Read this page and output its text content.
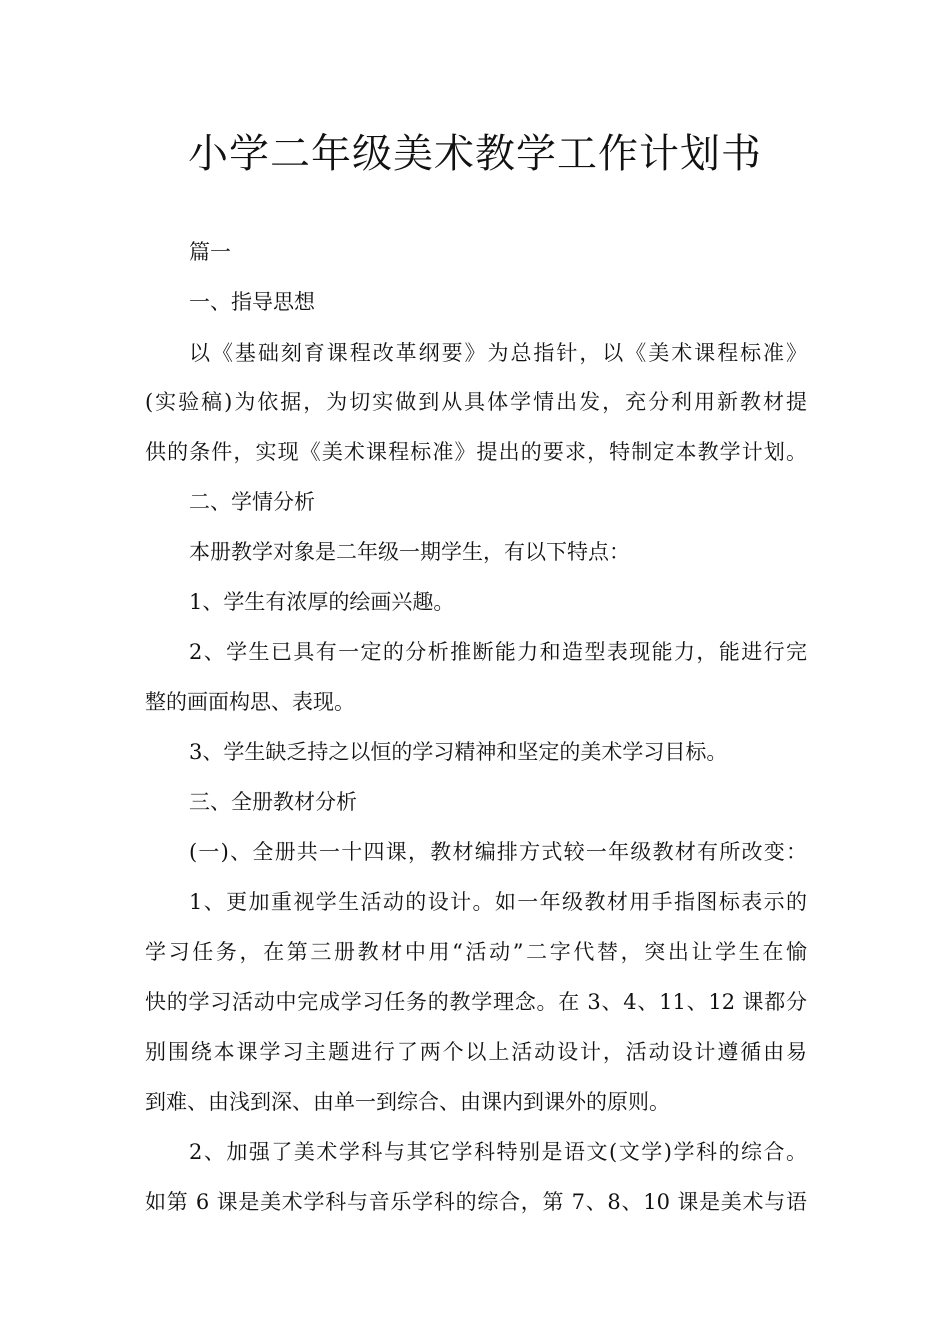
小学二年级美术教学工作计划书
篇一
一、指导思想
以《基础刻育课程改革纲要》为总指针，以《美术课程标准》
(实验稿)为依据，为切实做到从具体学情出发，充分利用新教材提
供的条件，实现《美术课程标准》提出的要求，特制定本教学计划。
二、学情分析
本册教学对象是二年级一期学生，有以下特点：
1、学生有浓厚的绘画兴趣。
2、学生已具有一定的分析推断能力和造型表现能力，能进行完
整的画面构思、表现。
3、学生缺乏持之以恒的学习精神和坚定的美术学习目标。
三、全册教材分析
(一)、全册共一十四课，教材编排方式较一年级教材有所改变：
1、更加重视学生活动的设计。如一年级教材用手指图标表示的
学习任务，在第三册教材中用“活动”二字代替，突出让学生在愉
快的学习活动中完成学习任务的教学理念。在 3、4、11、12 课都分
别围绕本课学习主题进行了两个以上活动设计，活动设计遵循由易
到难、由浅到深、由单一到综合、由课内到课外的原则。
2、加强了美术学科与其它学科特别是语文(文学)学科的综合。
如第 6 课是美术学科与音乐学科的综合，第 7、8、10 课是美术与语
